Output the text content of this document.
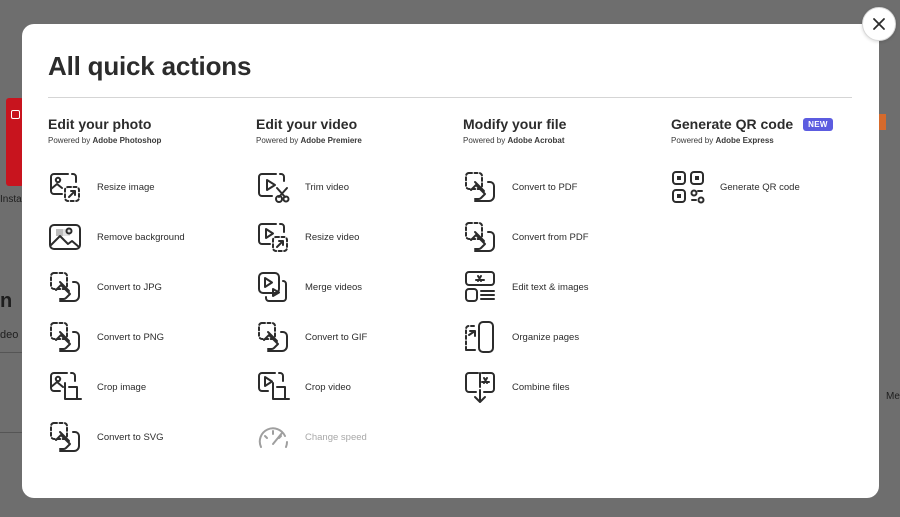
Insta
n
deo
Me
All quick actions
Edit your photo
Powered by Adobe Photoshop
Resize image
Remove background
Convert to JPG
Convert to PNG
Crop image
Convert to SVG
Edit your video
Powered by Adobe Premiere
Trim video
Resize video
Merge videos
Convert to GIF
Crop video
Change speed
Modify your file
Powered by Adobe Acrobat
Convert to PDF
Convert from PDF
Edit text & images
Organize pages
Combine files
Generate QR code	NEW
Powered by Adobe Express
Generate QR code
